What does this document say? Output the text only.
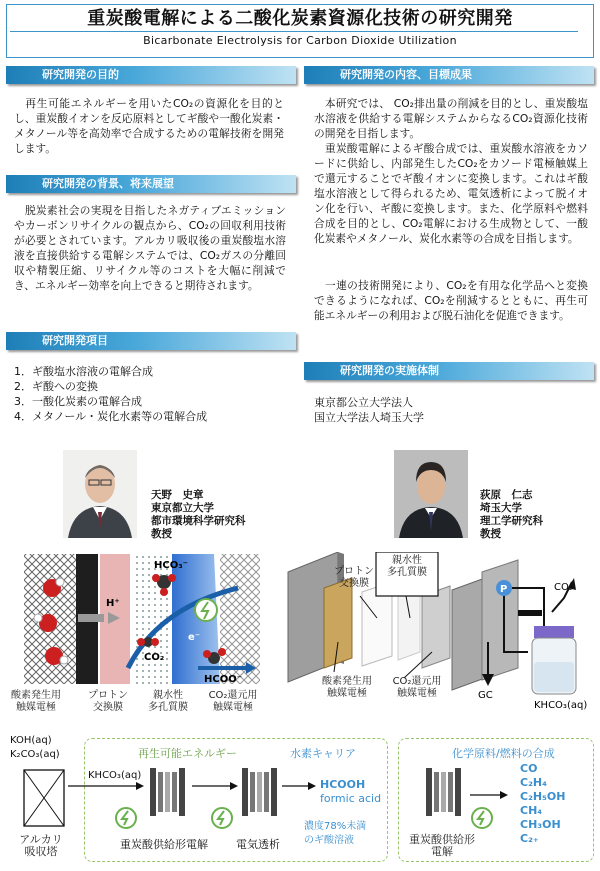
重炭酸電解による二酸化炭素資源化技術の研究開発
Bicarbonate Electrolysis for Carbon Dioxide Utilization
研究開発の目的
　再生可能エネルギーを用いたCO₂の資源化を目的とし、重炭酸イオンを反応原料としてギ酸や一酸化炭素・メタノール等を高効率で合成するための電解技術を開発します。
研究開発の背景、将来展望
　脱炭素社会の実現を目指したネガティブエミッションやカーボンリサイクルの観点から、CO₂の回収利用技術が必要とされています。アルカリ吸収後の重炭酸塩水溶液を直接供給する電解システムでは、CO₂ガスの分離回収や精製圧縮、リサイクル等のコストを大幅に削減でき、エネルギー効率を向上できると期待されます。
研究開発項目
1．ギ酸塩水溶液の電解合成
2．ギ酸への変換
3．一酸化炭素の電解合成
4．メタノール・炭化水素等の電解合成
研究開発の内容、目標成果
　本研究では、 CO₂排出量の削減を目的とし、重炭酸塩水溶液を供給する電解システムからなるCO₂資源化技術の開発を目指します。
　重炭酸電解によるギ酸合成では、重炭酸水溶液をカソードに供給し、内部発生したCO₂をカソード電極触媒上で還元することでギ酸イオンに変換します。これはギ酸塩水溶液として得られるため、電気透析によって脱イオン化を行い、ギ酸に変換します。また、化学原料や燃料合成を目的とし、CO₂電解における生成物として、一酸化炭素やメタノール、炭化水素等の合成を目指します。
　一連の技術開発により、CO₂を有用な化学品へと変換できるようになれば、CO₂を削減するとともに、再生可能エネルギーの利用および脱石油化を促進できます。
研究開発の実施体制
東京都公立大学法人
国立大学法人埼玉大学
天野　史章
東京都立大学
都市環境科学研究科
教授
荻原　仁志
埼玉大学
理工学研究科
教授
H⁺
HCO₃⁻
e⁻
CO₂
HCOO⁻
酸素発生用
触媒電極
プロトン
交換膜
親水性
多孔質膜
CO₂還元用
触媒電極
P	CO₂
GC
KHCO₃(aq)
プロトン
交換膜
親水性
多孔質膜
酸素発生用
触媒電極
CO₂還元用
触媒電極
KOH(aq)
K₂CO₃(aq)
アルカリ
吸収塔
再生可能エネルギー	水素キャリア
KHCO₃(aq)
重炭酸供給形電解	電気透析
HCOOH
formic acid
濃度78%未満
のギ酸溶液
化学原料/燃料の合成
重炭酸供給形
電解
CO
C₂H₄
C₂H₅OH
CH₄
CH₃OH
C₂₊
